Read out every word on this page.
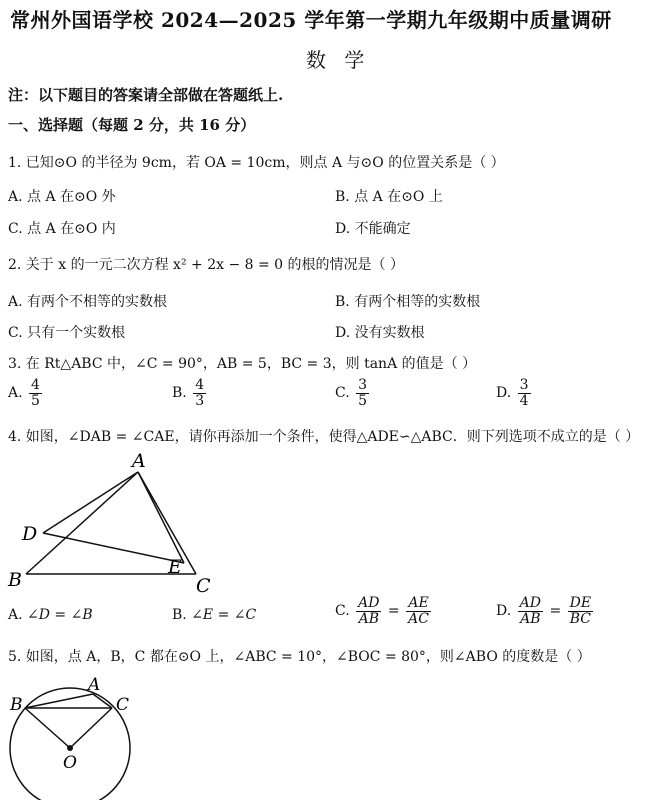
常州外国语学校 2024—2025 学年第一学期九年级期中质量调研
数 学
注：以下题目的答案请全部做在答题纸上.
一、选择题（每题 2 分，共 16 分）
1. 已知⊙O 的半径为 9cm，若 OA = 10cm，则点 A 与⊙O 的位置关系是（ ）
A. 点 A 在⊙O 外	B. 点 A 在⊙O 上
C. 点 A 在⊙O 内	D. 不能确定
2. 关于 x 的一元二次方程 x² + 2x − 8 = 0 的根的情况是（ ）
A. 有两个不相等的实数根	B. 有两个相等的实数根
C. 只有一个实数根	D. 没有实数根
3. 在 Rt△ABC 中，∠C = 90°，AB = 5，BC = 3，则 tanA 的值是（ ）
A. $\frac{4}{5}$	B. $\frac{4}{3}$	C. $\frac{3}{5}$	D. $\frac{3}{4}$
4. 如图，∠DAB = ∠CAE，请你再添加一个条件，使得△ADE∽△ABC．则下列选项不成立的是（ ）
A
D
B
E
C
A. ∠D = ∠B	B. ∠E = ∠C	C. $\frac{AD}{AB} = \frac{AE}{AC}$	D. $\frac{AD}{AB} = \frac{DE}{BC}$
5. 如图，点 A，B，C 都在⊙O 上，∠ABC = 10°，∠BOC = 80°，则∠ABO 的度数是（ ）
A
B	C
O
